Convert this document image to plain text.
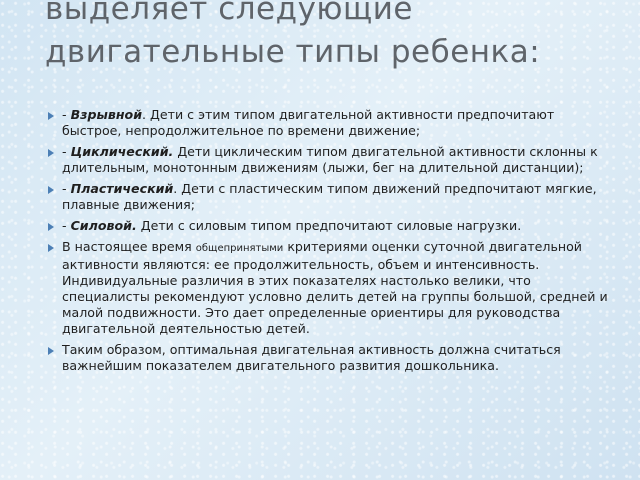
выделяет следующие
двигательные типы ребенка:
- Взрывной. Дети с этим типом двигательной активности предпочитают быстрое, непродолжительное по времени движение;
- Циклический. Дети циклическим типом двигательной активности склонны к длительным, монотонным движениям (лыжи, бег на длительной дистанции);
- Пластический. Дети с пластическим типом движений предпочитают мягкие, плавные движения;
- Силовой. Дети с силовым типом предпочитают силовые нагрузки.
В настоящее время общепринятыми критериями оценки суточной двигательной активности являются: ее продолжительность, объем и интенсивность. Индивидуальные различия в этих показателях настолько велики, что специалисты рекомендуют условно делить детей на группы большой, средней и малой подвижности. Это дает определенные ориентиры для руководства двигательной деятельностью детей.
Таким образом, оптимальная двигательная активность должна считаться важнейшим показателем двигательного развития дошкольника.
